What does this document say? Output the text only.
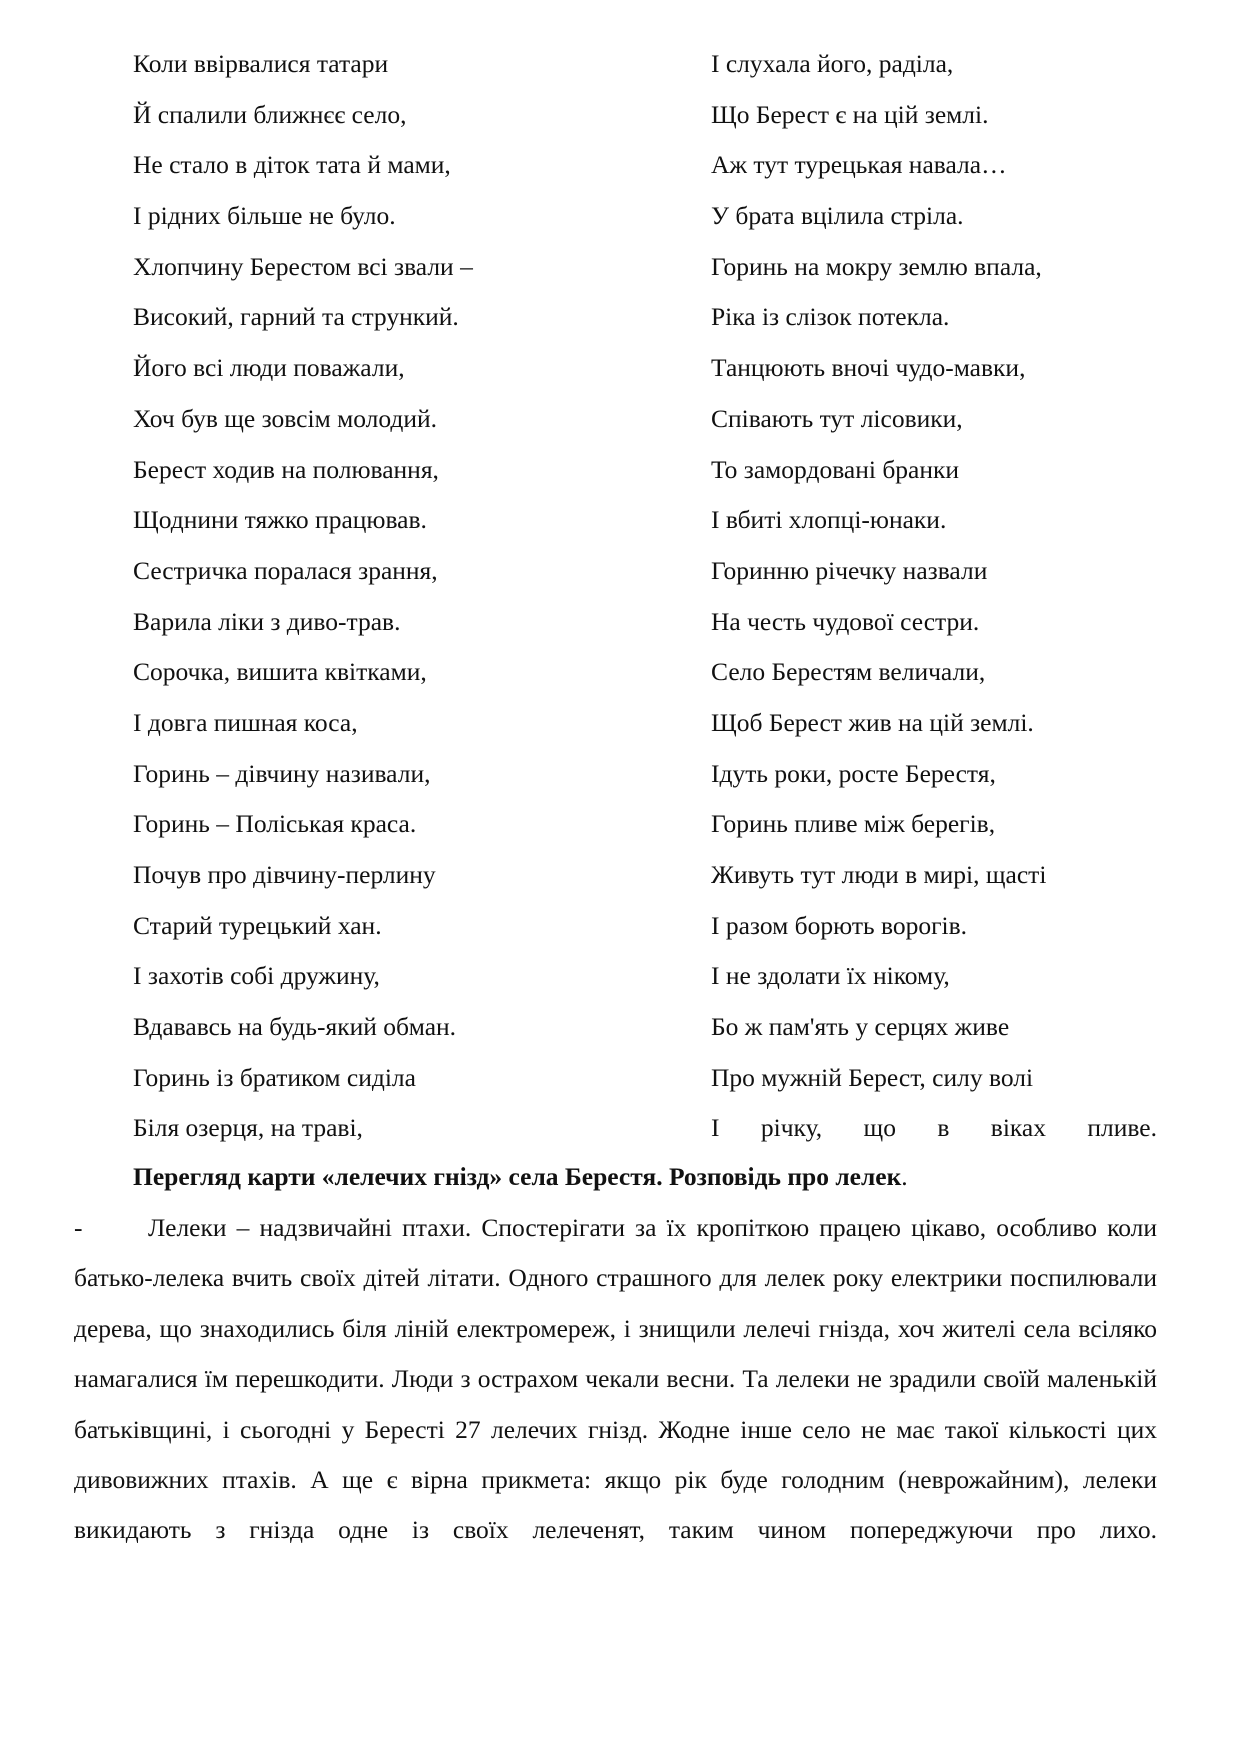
Коли ввірвалися татари
Й спалили ближнєє село,
Не стало в діток тата й мами,
І рідних більше не було.
Хлопчину Берестом всі звали –
Високий, гарний та стрункий.
Його всі люди поважали,
Хоч був ще зовсім молодий.
Берест ходив на полювання,
Щоднини тяжко працював.
Сестричка поралася зрання,
Варила ліки з диво-трав.
Сорочка, вишита квітками,
І довга пишная коса,
Горинь – дівчину називали,
Горинь – Поліськая краса.
Почув про дівчину-перлину
Старий турецький хан.
І захотів собі дружину,
Вдававсь на будь-який обман.
Горинь із братиком сиділа
Біля озерця, на траві,
І слухала його, раділа,
Що Берест є на цій землі.
Аж тут турецькая навала…
У брата вцілила стріла.
Горинь на мокру землю впала,
Ріка із слізок потекла.
Танцюють вночі чудо-мавки,
Співають тут лісовики,
То замордовані бранки
І вбиті хлопці-юнаки.
Горинню річечку назвали
На честь чудової сестри.
Село Берестям величали,
Щоб Берест жив на цій землі.
Ідуть роки, росте Берестя,
Горинь пливе між берегів,
Живуть тут люди в мирі, щасті
І разом борють ворогів.
І не здолати їх нікому,
Бо ж пам'ять у серцях живе
Про мужній Берест, силу волі
І річку, що в віках пливе.

Перегляд карти «лелечих гнізд» села Берестя. Розповідь про лелек.

-	Лелеки – надзвичайні птахи. Спостерігати за їх кропіткою працею цікаво, особливо коли батько-лелека вчить своїх дітей літати. Одного страшного для лелек року електрики поспилювали дерева, що знаходились біля ліній електромереж, і знищили лелечі гнізда, хоч жителі села всіляко намагалися їм перешкодити. Люди з острахом чекали весни. Та лелеки не зрадили своїй маленькій батьківщині, і сьогодні у Берестi 27 лелечих гнізд. Жодне інше село не має такої кількості цих дивовижних птахів. А ще є вірна прикмета: якщо рік буде голодним (неврожайним), лелеки викидають з гнізда одне із своїх лелеченят, таким чином попереджуючи про лихо.
